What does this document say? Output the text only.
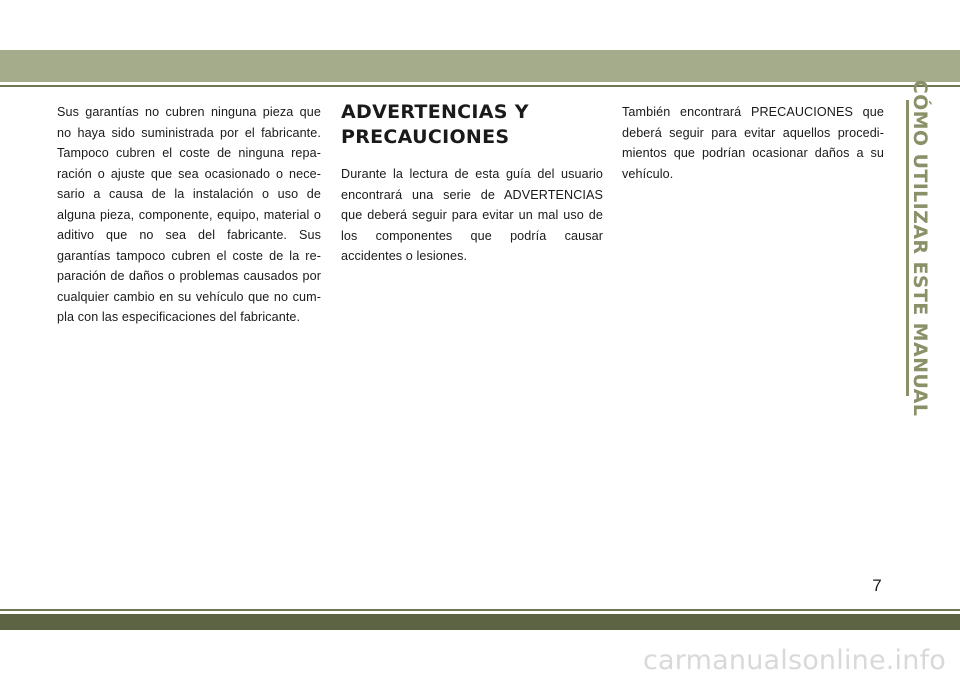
Sus garantías no cubren ninguna pieza que no haya sido suministrada por el fabricante. Tampoco cubren el coste de ninguna repa- ración o ajuste que sea ocasionado o nece- sario a causa de la instalación o uso de alguna pieza, componente, equipo, material o aditivo que no sea del fabricante. Sus garantías tampoco cubren el coste de la re- paración de daños o problemas causados por cualquier cambio en su vehículo que no cum- pla con las especificaciones del fabricante.

ADVERTENCIAS Y
PRECAUCIONES

Durante la lectura de esta guía del usuario encontrará una serie de ADVERTENCIAS que deberá seguir para evitar un mal uso de los componentes que podría causar accidentes o lesiones.

También encontrará PRECAUCIONES que deberá seguir para evitar aquellos procedi- mientos que podrían ocasionar daños a su vehículo.	CÓMO UTILIZAR ESTE MANUAL
7
carmanualsonline.info
